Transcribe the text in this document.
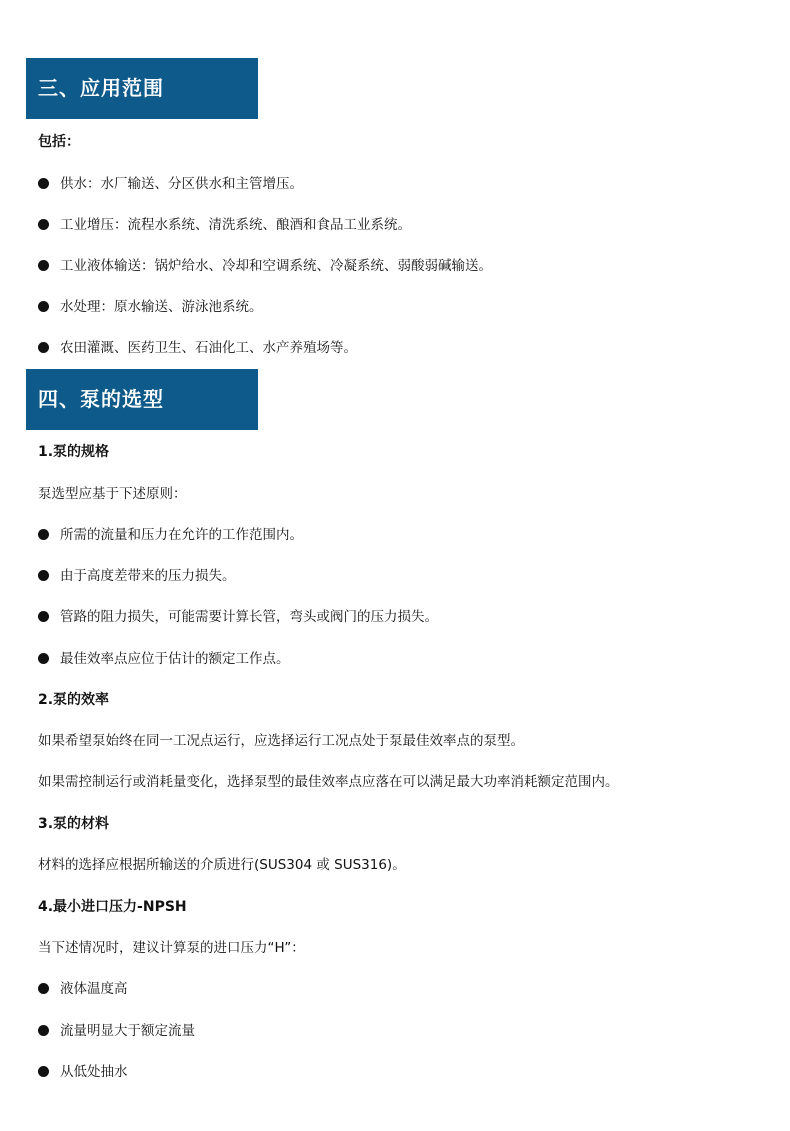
三、应用范围
包括：
供水：水厂输送、分区供水和主管增压。
工业增压：流程水系统、清洗系统、酿酒和食品工业系统。
工业液体输送：锅炉给水、冷却和空调系统、冷凝系统、弱酸弱碱输送。
水处理：原水输送、游泳池系统。
农田灌溉、医药卫生、石油化工、水产养殖场等。
四、泵的选型
1.泵的规格
泵选型应基于下述原则：
所需的流量和压力在允许的工作范围内。
由于高度差带来的压力损失。
管路的阻力损失，可能需要计算长管，弯头或阀门的压力损失。
最佳效率点应位于估计的额定工作点。
2.泵的效率
如果希望泵始终在同一工况点运行，应选择运行工况点处于泵最佳效率点的泵型。
如果需控制运行或消耗量变化，选择泵型的最佳效率点应落在可以满足最大功率消耗额定范围内。
3.泵的材料
材料的选择应根据所输送的介质进行(SUS304 或 SUS316)。
4.最小进口压力-NPSH
当下述情况时，建议计算泵的进口压力“H”：
液体温度高
流量明显大于额定流量
从低处抽水
